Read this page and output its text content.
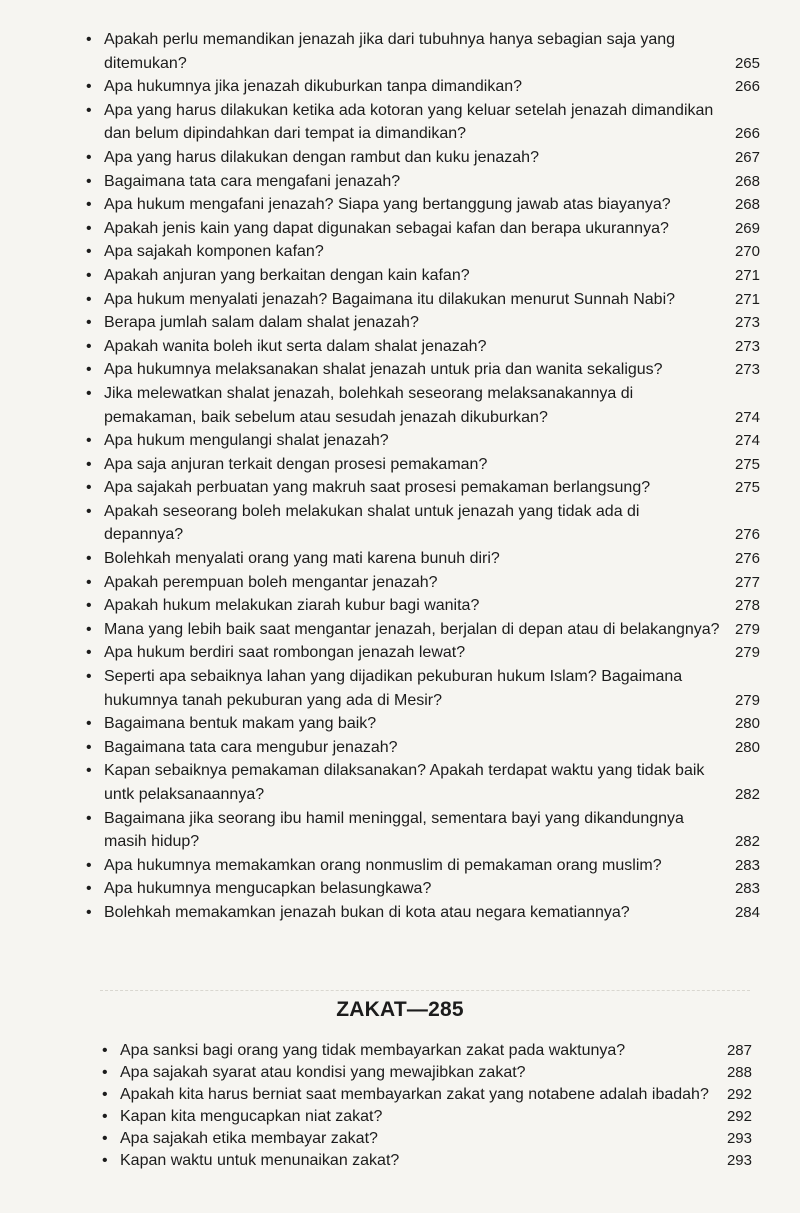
• Apakah perlu memandikan jenazah jika dari tubuhnya hanya sebagian saja yang ditemukan?	265
• Apa hukumnya jika jenazah dikuburkan tanpa dimandikan?	266
• Apa yang harus dilakukan ketika ada kotoran yang keluar setelah jenazah dimandikan dan belum dipindahkan dari tempat ia dimandikan?	266
• Apa yang harus dilakukan dengan rambut dan kuku jenazah?	267
• Bagaimana tata cara mengafani jenazah?	268
• Apa hukum mengafani jenazah? Siapa yang bertanggung jawab atas biayanya?	268
• Apakah jenis kain yang dapat digunakan sebagai kafan dan berapa ukurannya?	269
• Apa sajakah komponen kafan?	270
• Apakah anjuran yang berkaitan dengan kain kafan?	271
• Apa hukum menyalati jenazah? Bagaimana itu dilakukan menurut Sunnah Nabi?	271
• Berapa jumlah salam dalam shalat jenazah?	273
• Apakah wanita boleh ikut serta dalam shalat jenazah?	273
• Apa hukumnya melaksanakan shalat jenazah untuk pria dan wanita sekaligus?	273
• Jika melewatkan shalat jenazah, bolehkah seseorang melaksanakannya di pemakaman, baik sebelum atau sesudah jenazah dikuburkan?	274
• Apa hukum mengulangi shalat jenazah?	274
• Apa saja anjuran terkait dengan prosesi pemakaman?	275
• Apa sajakah perbuatan yang makruh saat prosesi pemakaman berlangsung?	275
• Apakah seseorang boleh melakukan shalat untuk jenazah yang tidak ada di depannya?	276
• Bolehkah menyalati orang yang mati karena bunuh diri?	276
• Apakah perempuan boleh mengantar jenazah?	277
• Apakah hukum melakukan ziarah kubur bagi wanita?	278
• Mana yang lebih baik saat mengantar jenazah, berjalan di depan atau di belakangnya? 279
• Apa hukum berdiri saat rombongan jenazah lewat?	279
• Seperti apa sebaiknya lahan yang dijadikan pekuburan hukum Islam? Bagaimana hukumnya tanah pekuburan yang ada di Mesir?	279
• Bagaimana bentuk makam yang baik?	280
• Bagaimana tata cara mengubur jenazah?	280
• Kapan sebaiknya pemakaman dilaksanakan? Apakah terdapat waktu yang tidak baik untk pelaksanaannya?	282
• Bagaimana jika seorang ibu hamil meninggal, sementara bayi yang dikandungnya masih hidup?	282
• Apa hukumnya memakamkan orang nonmuslim di pemakaman orang muslim?	283
• Apa hukumnya mengucapkan belasungkawa?	283
• Bolehkah memakamkan jenazah bukan di kota atau negara kematiannya?	284
ZAKAT—285
• Apa sanksi bagi orang yang tidak membayarkan zakat pada waktunya?	287
• Apa sajakah syarat atau kondisi yang mewajibkan zakat?	288
• Apakah kita harus berniat saat membayarkan zakat yang notabene adalah ibadah? 292
• Kapan kita mengucapkan niat zakat?	292
• Apa sajakah etika membayar zakat?	293
• Kapan waktu untuk menunaikan zakat?	293
